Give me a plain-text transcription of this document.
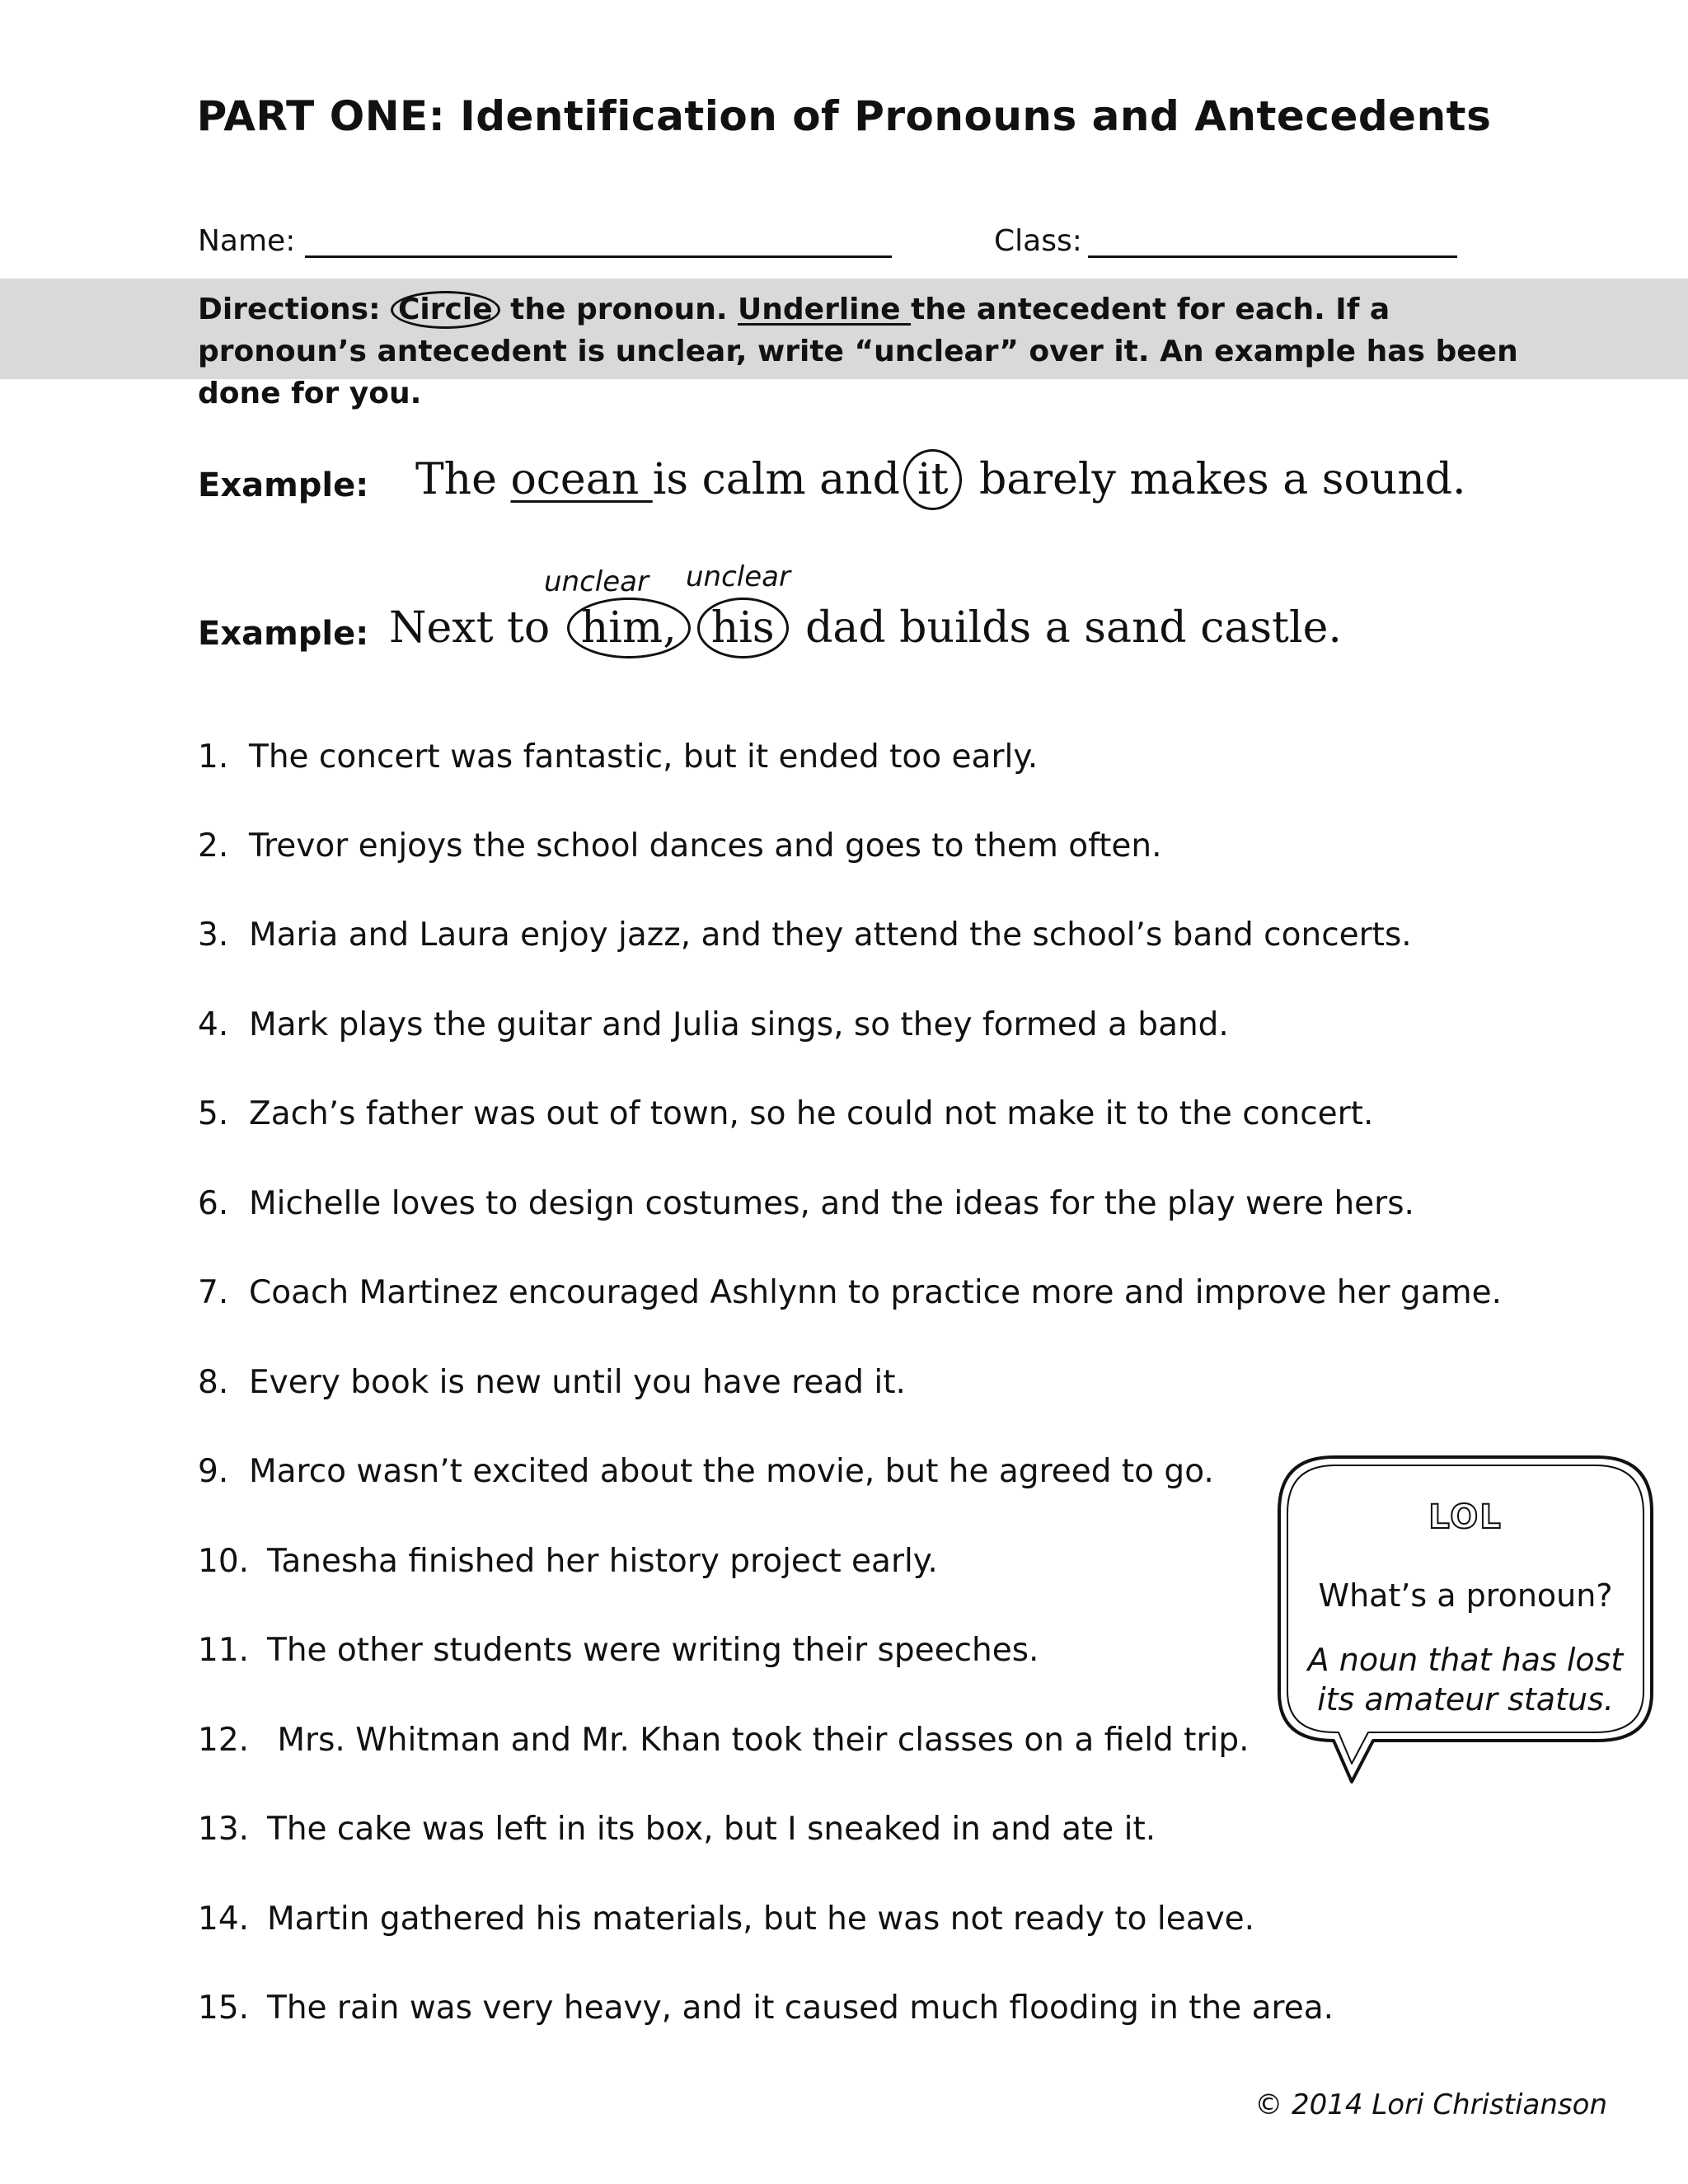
PART ONE: Identification of Pronouns and Antecedents
Name:	Class:
Directions: Circle the pronoun. Underline the antecedent for each. If a pronoun’s antecedent is unclear, write “unclear” over it. An example has been done for you.
Example: The ocean is calm and it barely makes a sound.
unclear unclear
Example: Next to him, his dad builds a sand castle.
1. The concert was fantastic, but it ended too early.
2. Trevor enjoys the school dances and goes to them often.
3. Maria and Laura enjoy jazz, and they attend the school’s band concerts.
4. Mark plays the guitar and Julia sings, so they formed a band.
5. Zach’s father was out of town, so he could not make it to the concert.
6. Michelle loves to design costumes, and the ideas for the play were hers.
7. Coach Martinez encouraged Ashlynn to practice more and improve her game.
8. Every book is new until you have read it.
9. Marco wasn’t excited about the movie, but he agreed to go.
10. Tanesha finished her history project early.
11. The other students were writing their speeches.
12. Mrs. Whitman and Mr. Khan took their classes on a field trip.
13. The cake was left in its box, but I sneaked in and ate it.
14. Martin gathered his materials, but he was not ready to leave.
15. The rain was very heavy, and it caused much flooding in the area.
LOL
What’s a pronoun?
A noun that has lost
its amateur status.
© 2014 Lori Christianson
